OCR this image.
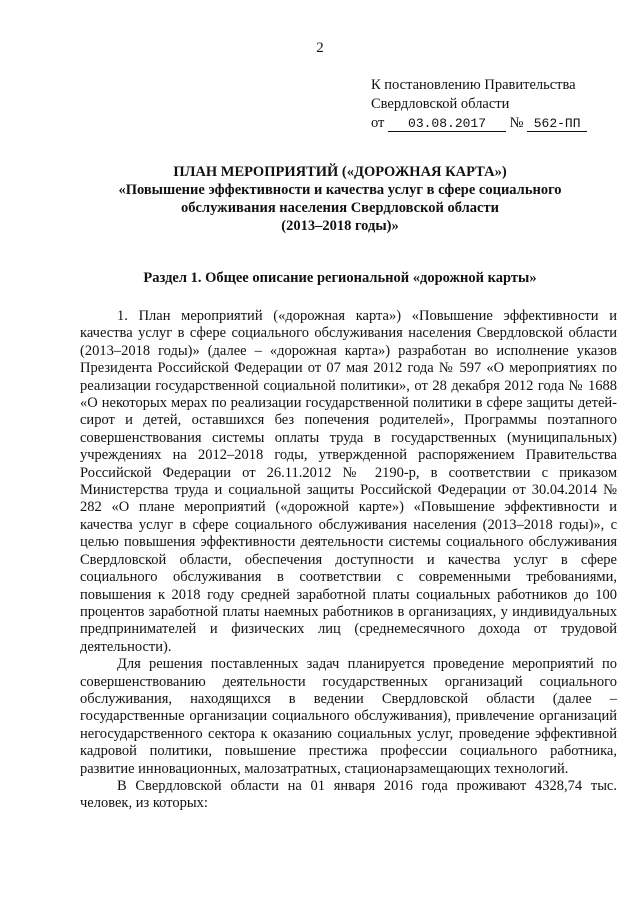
2
К постановлению Правительства
Свердловской области
от 03.08.2017 № 562-ПП
ПЛАН МЕРОПРИЯТИЙ («ДОРОЖНАЯ КАРТА»)
«Повышение эффективности и качества услуг в сфере социального
обслуживания населения Свердловской области
(2013–2018 годы)»
Раздел 1. Общее описание региональной «дорожной карты»

1. План мероприятий («дорожная карта») «Повышение эффективности и качества услуг в сфере социального обслуживания населения Свердловской области (2013–2018 годы)» (далее – «дорожная карта») разработан во исполнение указов Президента Российской Федерации от 07 мая 2012 года № 597 «О мероприятиях по реализации государственной социальной политики», от 28 декабря 2012 года № 1688 «О некоторых мерах по реализации государственной политики в сфере защиты детей-сирот и детей, оставшихся без попечения родителей», Программы поэтапного совершенствования системы оплаты труда в государственных (муниципальных) учреждениях на 2012–2018 годы, утвержденной распоряжением Правительства Российской Федерации от 26.11.2012 № 2190-р, в соответствии с приказом Министерства труда и социальной защиты Российской Федерации от 30.04.2014 № 282 «О плане мероприятий («дорожной карте») «Повышение эффективности и качества услуг в сфере социального обслуживания населения (2013–2018 годы)», с целью повышения эффективности деятельности системы социального обслуживания Свердловской области, обеспечения доступности и качества услуг в сфере социального обслуживания в соответствии с современными требованиями, повышения к 2018 году средней заработной платы социальных работников до 100 процентов заработной платы наемных работников в организациях, у индивидуальных предпринимателей и физических лиц (среднемесячного дохода от трудовой деятельности).

Для решения поставленных задач планируется проведение мероприятий по совершенствованию деятельности государственных организаций социального обслуживания, находящихся в ведении Свердловской области (далее – государственные организации социального обслуживания), привлечение организаций негосударственного сектора к оказанию социальных услуг, проведение эффективной кадровой политики, повышение престижа профессии социального работника, развитие инновационных, малозатратных, стационарзамещающих технологий.

В Свердловской области на 01 января 2016 года проживают 4328,74 тыс. человек, из которых:
